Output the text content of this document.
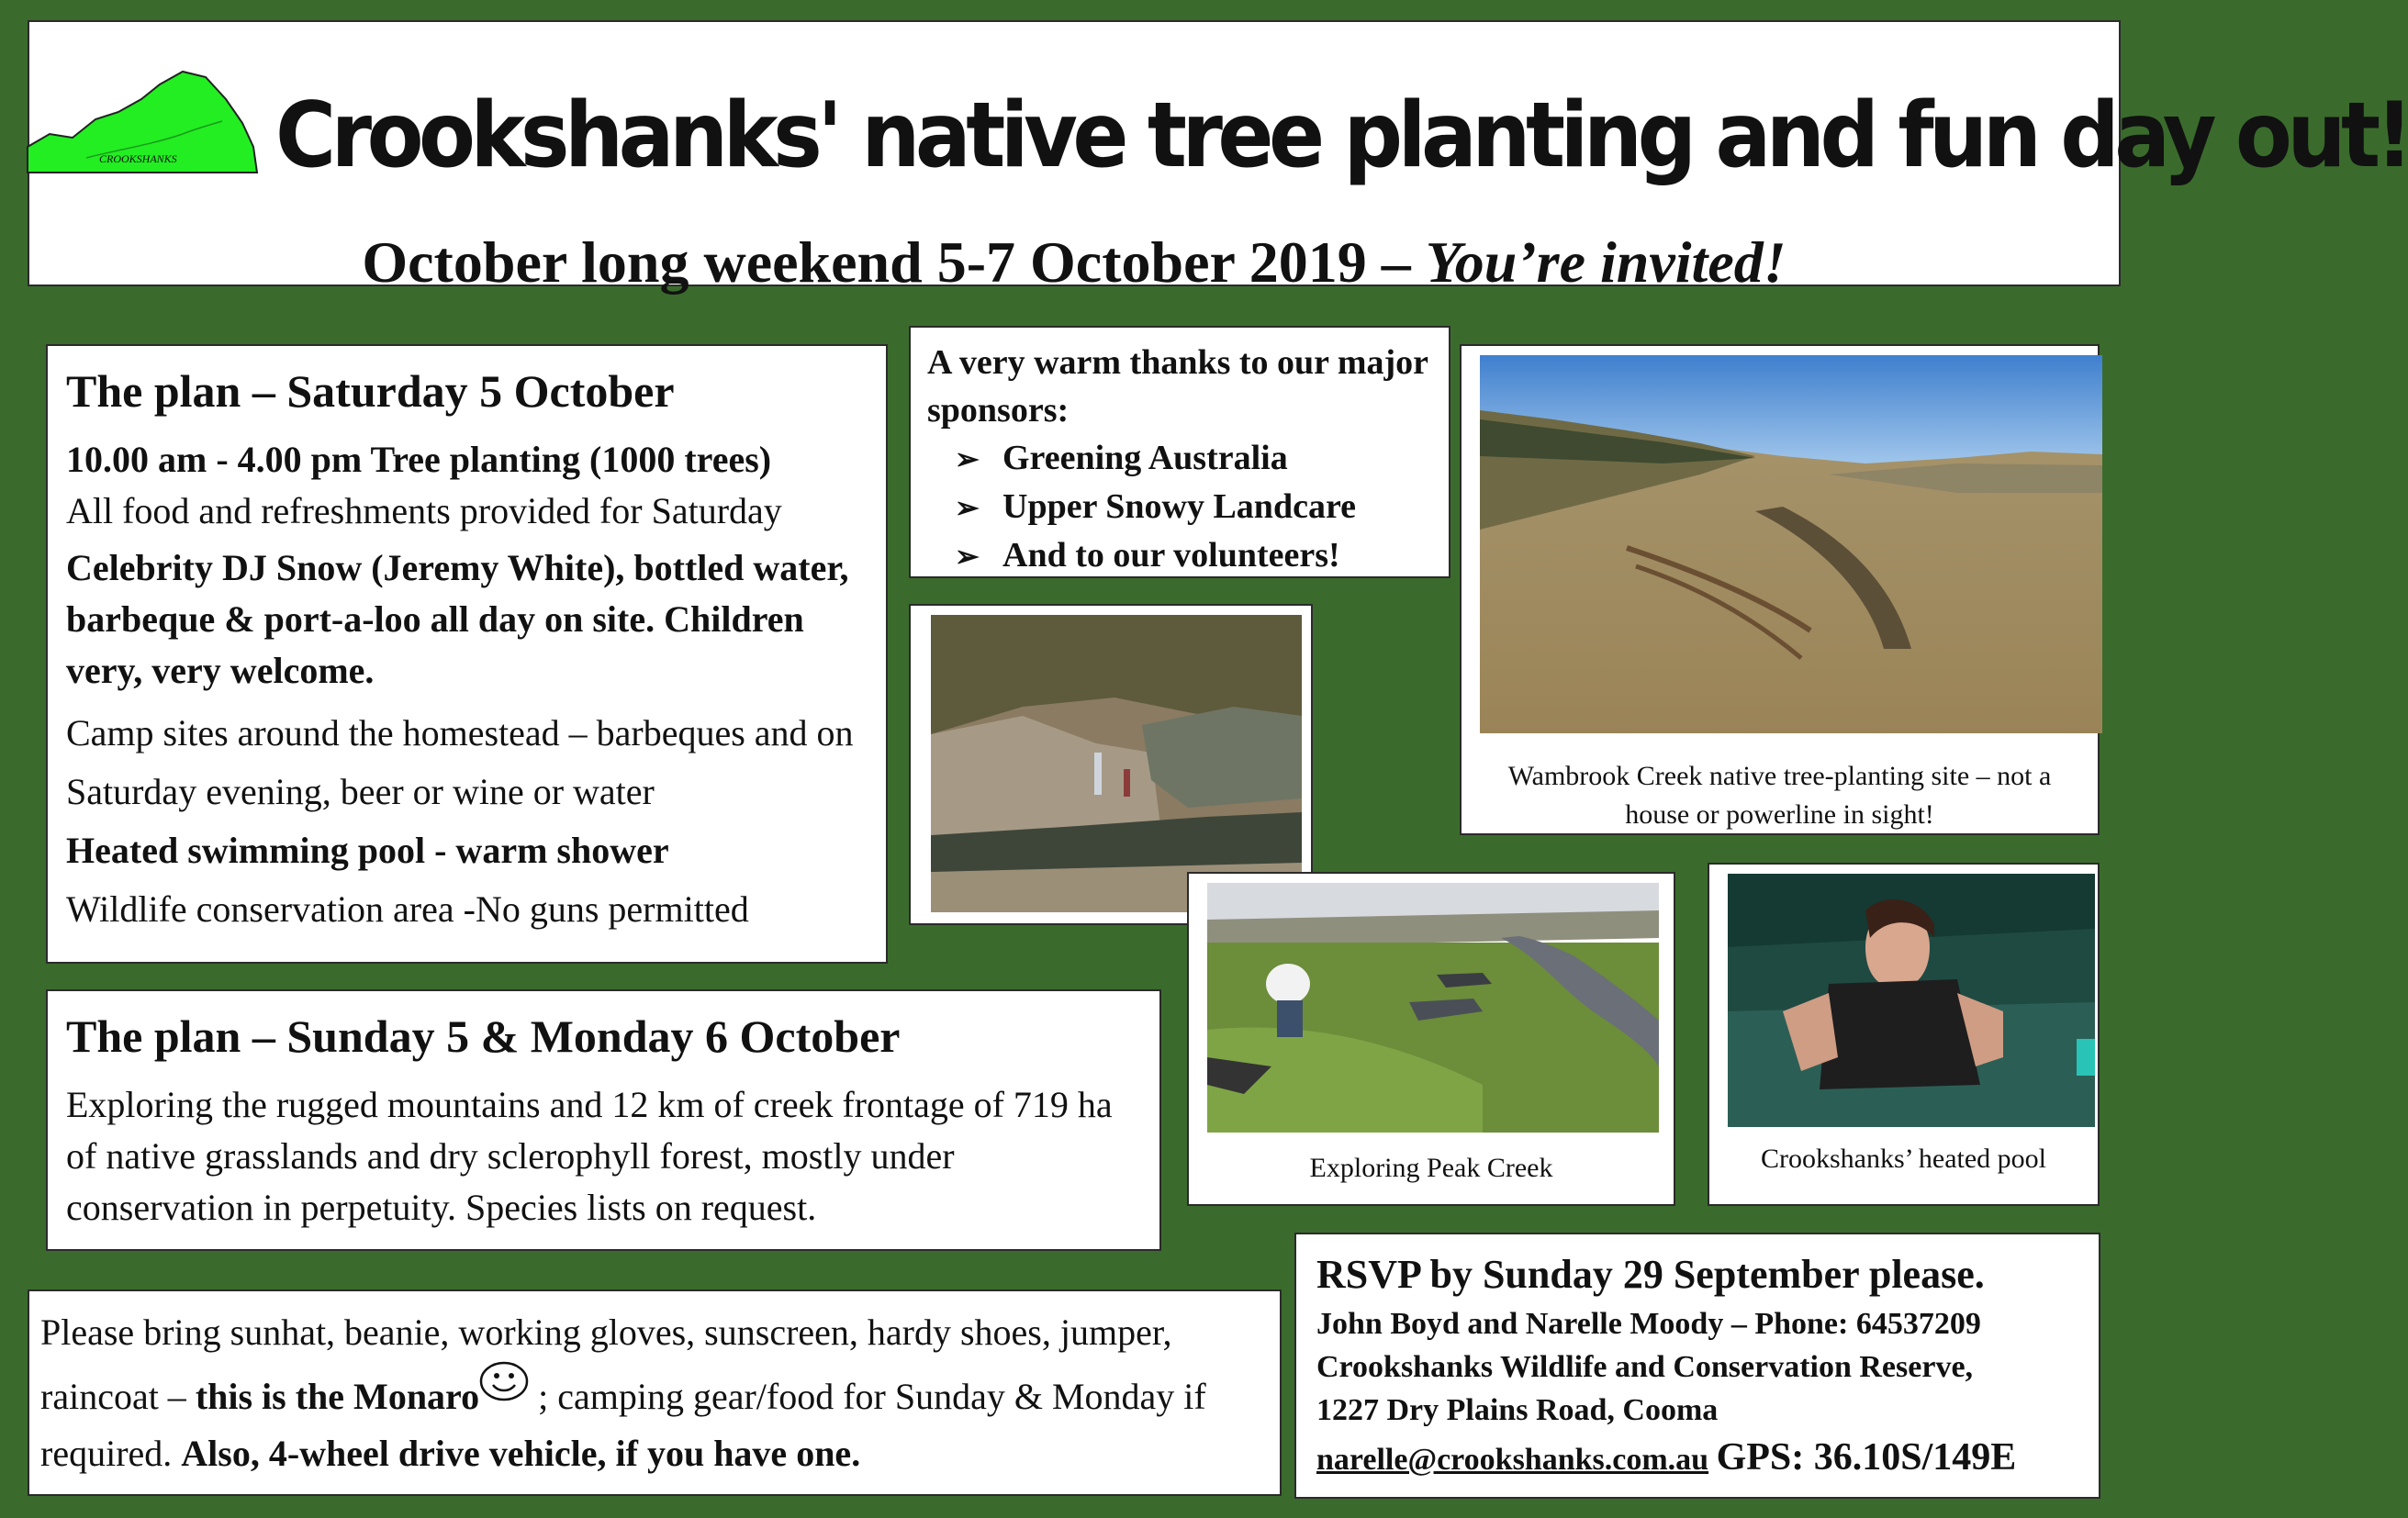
CROOKSHANKS Crookshanks' native tree planting and fun day out!
October long weekend 5-7 October 2019 – You’re invited!

The plan – Saturday 5 October

10.00 am - 4.00 pm Tree planting (1000 trees)

All food and refreshments provided for Saturday

Celebrity DJ Snow (Jeremy White), bottled water, barbeque & port-a-loo all day on site. Children very, very welcome.

Camp sites around the homestead – barbeques and on Saturday evening, beer or wine or water

Heated swimming pool - warm shower

Wildlife conservation area -No guns permitted

A very warm thanks to our major sponsors:

➢ Greening Australia
➢ Upper Snowy Landcare
➢ And to our volunteers!
Wambrook Creek native tree-planting site – not a house or powerline in sight!

The plan – Sunday 5 & Monday 6 October

Exploring the rugged mountains and 12 km of creek frontage of 719 ha of native grasslands and dry sclerophyll forest, mostly under conservation in perpetuity. Species lists on request.

Exploring Peak Creek	Crookshanks’ heated pool

Please bring sunhat, beanie, working gloves, sunscreen, hardy shoes, jumper, raincoat – this is the Monaro ; camping gear/food for Sunday & Monday if required. Also, 4-wheel drive vehicle, if you have one.

RSVP by Sunday 29 September please.

John Boyd and Narelle Moody – Phone: 64537209

Crookshanks Wildlife and Conservation Reserve,

1227 Dry Plains Road, Cooma

narelle@crookshanks.com.au GPS: 36.10S/149E
